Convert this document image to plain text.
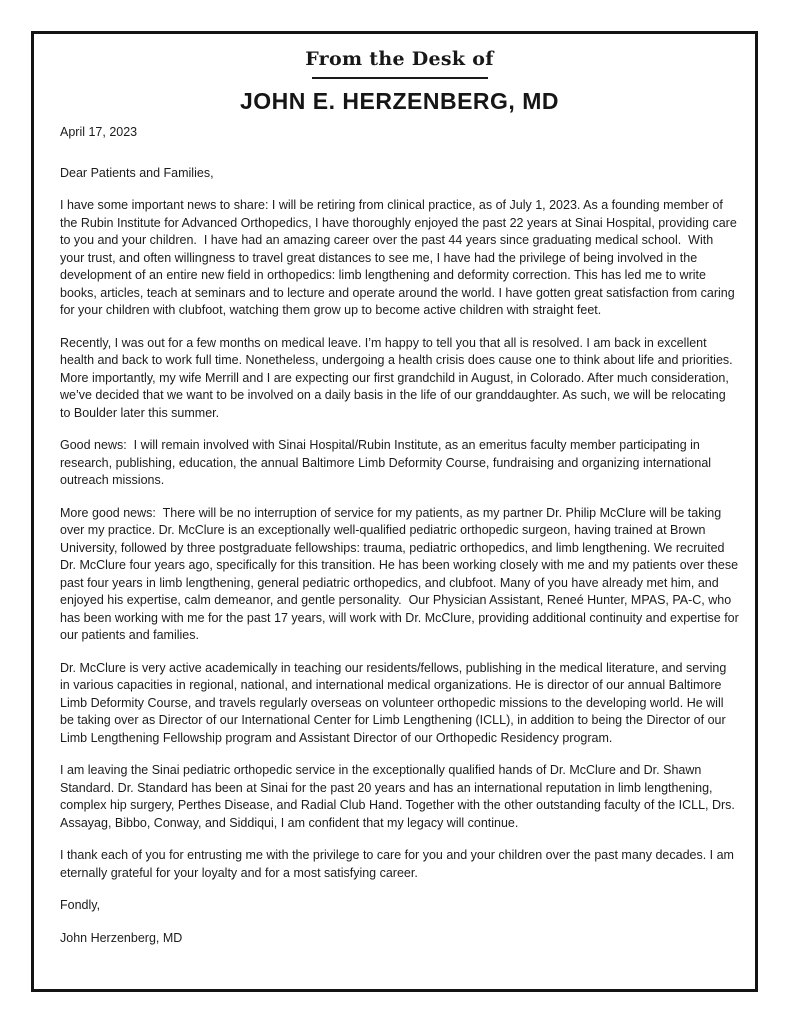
From the Desk of
JOHN E. HERZENBERG, MD
April 17, 2023
Dear Patients and Families,

I have some important news to share: I will be retiring from clinical practice, as of July 1, 2023. As a founding member of the Rubin Institute for Advanced Orthopedics, I have thoroughly enjoyed the past 22 years at Sinai Hospital, providing care to you and your children.  I have had an amazing career over the past 44 years since graduating medical school.  With your trust, and often willingness to travel great distances to see me, I have had the privilege of being involved in the development of an entire new field in orthopedics: limb lengthening and deformity correction. This has led me to write books, articles, teach at seminars and to lecture and operate around the world. I have gotten great satisfaction from caring for your children with clubfoot, watching them grow up to become active children with straight feet.

Recently, I was out for a few months on medical leave. I’m happy to tell you that all is resolved. I am back in excellent health and back to work full time. Nonetheless, undergoing a health crisis does cause one to think about life and priorities.  More importantly, my wife Merrill and I are expecting our first grandchild in August, in Colorado. After much consideration, we’ve decided that we want to be involved on a daily basis in the life of our granddaughter. As such, we will be relocating to Boulder later this summer.

Good news:  I will remain involved with Sinai Hospital/Rubin Institute, as an emeritus faculty member participating in research, publishing, education, the annual Baltimore Limb Deformity Course, fundraising and organizing international outreach missions.

More good news:  There will be no interruption of service for my patients, as my partner Dr. Philip McClure will be taking over my practice. Dr. McClure is an exceptionally well-qualified pediatric orthopedic surgeon, having trained at Brown University, followed by three postgraduate fellowships: trauma, pediatric orthopedics, and limb lengthening. We recruited Dr. McClure four years ago, specifically for this transition. He has been working closely with me and my patients over these past four years in limb lengthening, general pediatric orthopedics, and clubfoot. Many of you have already met him, and enjoyed his expertise, calm demeanor, and gentle personality.  Our Physician Assistant, Reneé Hunter, MPAS, PA-C, who has been working with me for the past 17 years, will work with Dr. McClure, providing additional continuity and expertise for our patients and families.

Dr. McClure is very active academically in teaching our residents/fellows, publishing in the medical literature, and serving in various capacities in regional, national, and international medical organizations. He is director of our annual Baltimore Limb Deformity Course, and travels regularly overseas on volunteer orthopedic missions to the developing world. He will be taking over as Director of our International Center for Limb Lengthening (ICLL), in addition to being the Director of our Limb Lengthening Fellowship program and Assistant Director of our Orthopedic Residency program.

I am leaving the Sinai pediatric orthopedic service in the exceptionally qualified hands of Dr. McClure and Dr. Shawn Standard. Dr. Standard has been at Sinai for the past 20 years and has an international reputation in limb lengthening, complex hip surgery, Perthes Disease, and Radial Club Hand. Together with the other outstanding faculty of the ICLL, Drs. Assayag, Bibbo, Conway, and Siddiqui, I am confident that my legacy will continue.

I thank each of you for entrusting me with the privilege to care for you and your children over the past many decades. I am eternally grateful for your loyalty and for a most satisfying career.

Fondly,
John Herzenberg, MD
